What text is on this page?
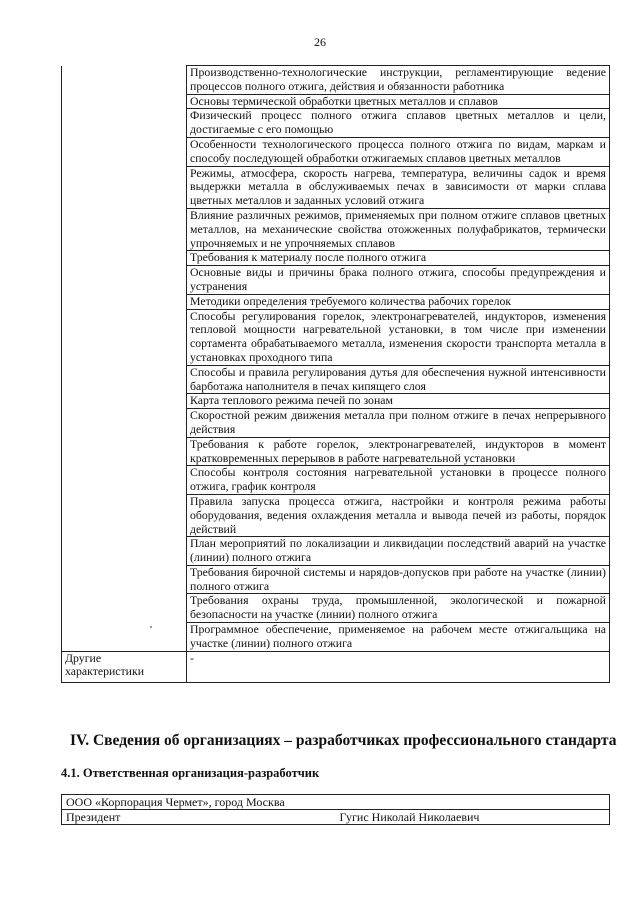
26
	Производственно-технологические инструкции, регламентирующие ведение процессов полного отжига, действия и обязанности работника
	Основы термической обработки цветных металлов и сплавов
	Физический процесс полного отжига сплавов цветных металлов и цели, достигаемые с его помощью
	Особенности технологического процесса полного отжига по видам, маркам и способу последующей обработки отжигаемых сплавов цветных металлов
	Режимы, атмосфера, скорость нагрева, температура, величины садок и время выдержки металла в обслуживаемых печах в зависимости от марки сплава цветных металлов и заданных условий отжига
	Влияние различных режимов, применяемых при полном отжиге сплавов цветных металлов, на механические свойства отожженных полуфабрикатов, термически упрочняемых и не упрочняемых сплавов
	Требования к материалу после полного отжига
	Основные виды и причины брака полного отжига, способы предупреждения и устранения
	Методики определения требуемого количества рабочих горелок
	Способы регулирования горелок, электронагревателей, индукторов, изменения тепловой мощности нагревательной установки, в том числе при изменении сортамента обрабатываемого металла, изменения скорости транспорта металла в установках проходного типа
	Способы и правила регулирования дутья для обеспечения нужной интенсивности барботажа наполнителя в печах кипящего слоя
	Карта теплового режима печей по зонам
	Скоростной режим движения металла при полном отжиге в печах непрерывного действия
	Требования к работе горелок, электронагревателей, индукторов в момент кратковременных перерывов в работе нагревательной установки
	Способы контроля состояния нагревательной установки в процессе полного отжига, график контроля
	Правила запуска процесса отжига, настройки и контроля режима работы оборудования, ведения охлаждения металла и вывода печей из работы, порядок действий
	План мероприятий по локализации и ликвидации последствий аварий на участке (линии) полного отжига
	Требования бирочной системы и нарядов-допусков при работе на участке (линии) полного отжига
	Требования охраны труда, промышленной, экологической и пожарной безопасности на участке (линии) полного отжига
	Программное обеспечение, применяемое на рабочем месте отжигальщика на участке (линии) полного отжига
Другие характеристики	-
IV. Сведения об организациях – разработчиках профессионального стандарта
4.1. Ответственная организация-разработчик
ООО «Корпорация Чермет», город Москва
Президент	Гугис Николай Николаевич
